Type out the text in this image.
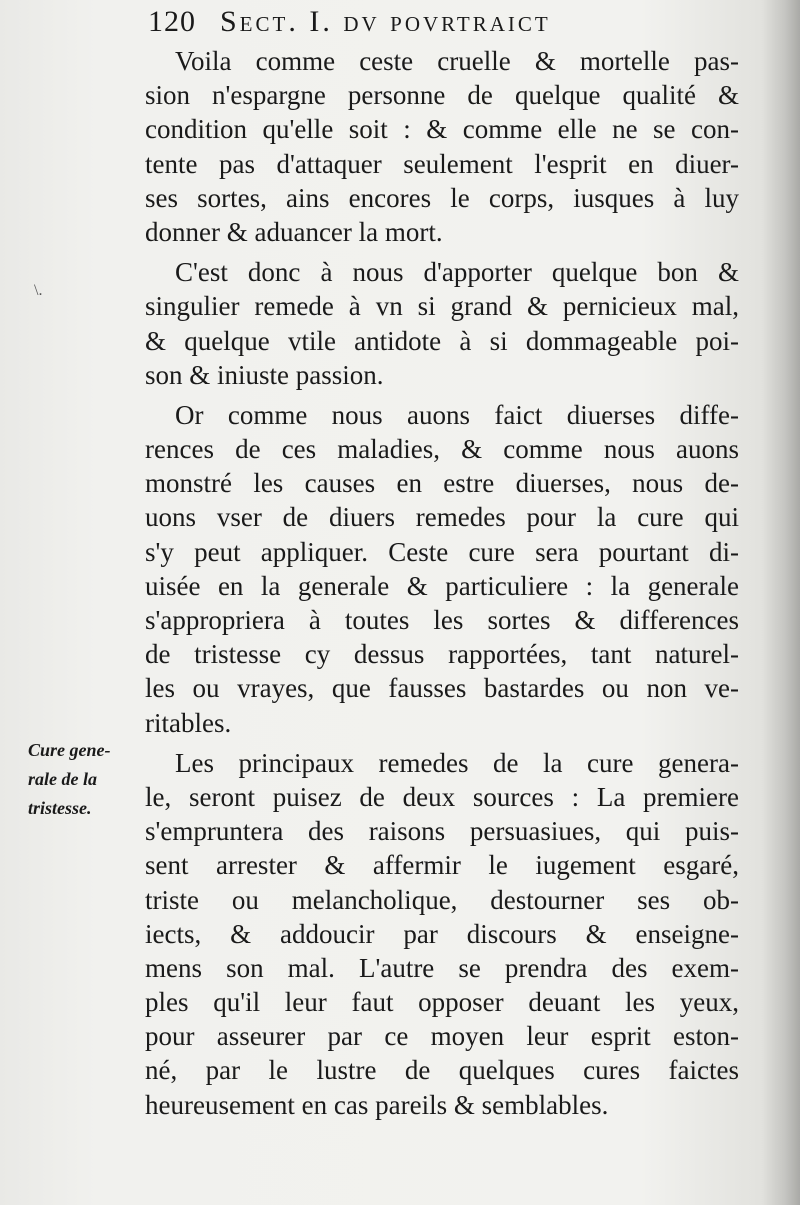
120 Sect. I. dv povrtraict
\.
Cure gene-
rale de la
tristesse.
Voila comme ceste cruelle & mortelle pas-
sion n'espargne personne de quelque qualité &
condition qu'elle soit : & comme elle ne se con-
tente pas d'attaquer seulement l'esprit en diuer-
ses sortes, ains encores le corps, iusques à luy
donner & aduancer la mort.
C'est donc à nous d'apporter quelque bon &
singulier remede à vn si grand & pernicieux mal,
& quelque vtile antidote à si dommageable poi-
son & iniuste passion.
Or comme nous auons faict diuerses diffe-
rences de ces maladies, & comme nous auons
monstré les causes en estre diuerses, nous de-
uons vser de diuers remedes pour la cure qui
s'y peut appliquer. Ceste cure sera pourtant di-
uisée en la generale & particuliere : la generale
s'appropriera à toutes les sortes & differences
de tristesse cy dessus rapportées, tant naturel-
les ou vrayes, que fausses bastardes ou non ve-
ritables.
Les principaux remedes de la cure genera-
le, seront puisez de deux sources : La premiere
s'empruntera des raisons persuasiues, qui puis-
sent arrester & affermir le iugement esgaré,
triste ou melancholique, destourner ses ob-
iects, & addoucir par discours & enseigne-
mens son mal. L'autre se prendra des exem-
ples qu'il leur faut opposer deuant les yeux,
pour asseurer par ce moyen leur esprit eston-
né, par le lustre de quelques cures faictes
heureusement en cas pareils & semblables.
